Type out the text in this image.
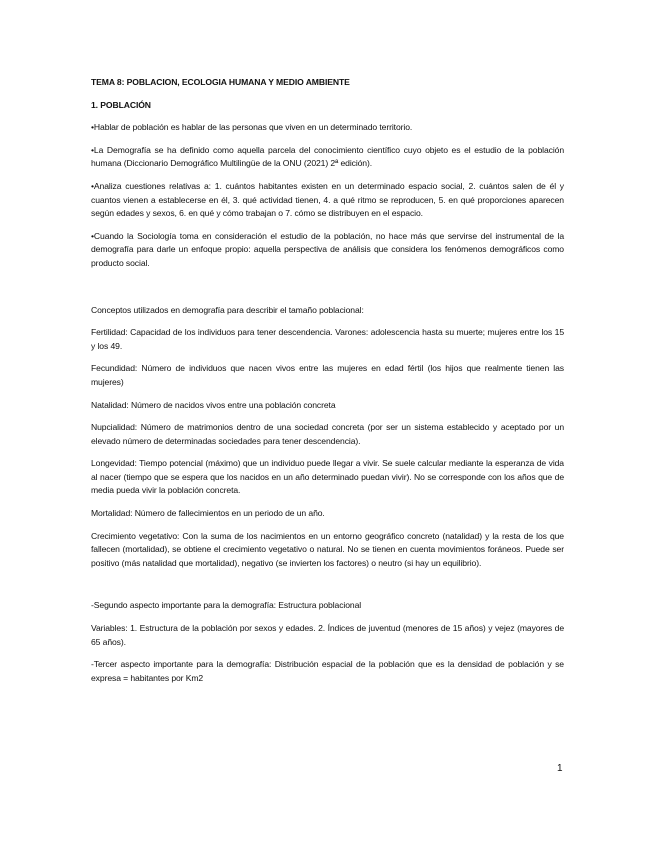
TEMA 8: POBLACION, ECOLOGIA HUMANA Y MEDIO AMBIENTE

1. POBLACIÓN

•Hablar de población es hablar de las personas que viven en un determinado territorio.

•La Demografía se ha definido como aquella parcela del conocimiento científico cuyo objeto es el estudio de la población humana (Diccionario Demográfico Multilingüe de la ONU (2021) 2ª edición).

•Analiza cuestiones relativas a: 1. cuántos habitantes existen en un determinado espacio social, 2. cuántos salen de él y cuantos vienen a establecerse en él, 3. qué actividad tienen, 4. a qué ritmo se reproducen, 5. en qué proporciones aparecen según edades y sexos, 6. en qué y cómo trabajan o 7. cómo se distribuyen en el espacio.

•Cuando la Sociología toma en consideración el estudio de la población, no hace más que servirse del instrumental de la demografía para darle un enfoque propio: aquella perspectiva de análisis que considera los fenómenos demográficos como producto social.

Conceptos utilizados en demografía para describir el tamaño poblacional:

Fertilidad: Capacidad de los individuos para tener descendencia. Varones: adolescencia hasta su muerte; mujeres entre los 15 y los 49.

Fecundidad: Número de individuos que nacen vivos entre las mujeres en edad fértil (los hijos que realmente tienen las mujeres)

Natalidad: Número de nacidos vivos entre una población concreta

Nupcialidad: Número de matrimonios dentro de una sociedad concreta (por ser un sistema establecido y aceptado por un elevado número de determinadas sociedades para tener descendencia).

Longevidad: Tiempo potencial (máximo) que un individuo puede llegar a vivir. Se suele calcular mediante la esperanza de vida al nacer (tiempo que se espera que los nacidos en un año determinado puedan vivir). No se corresponde con los años que de media pueda vivir la población concreta.

Mortalidad: Número de fallecimientos en un periodo de un año.

Crecimiento vegetativo: Con la suma de los nacimientos en un entorno geográfico concreto (natalidad) y la resta de los que fallecen (mortalidad), se obtiene el crecimiento vegetativo o natural. No se tienen en cuenta movimientos foráneos. Puede ser positivo (más natalidad que mortalidad), negativo (se invierten los factores) o neutro (si hay un equilibrio).

-Segundo aspecto importante para la demografía: Estructura poblacional

Variables: 1. Estructura de la población por sexos y edades. 2. Índices de juventud (menores de 15 años) y vejez (mayores de 65 años).

-Tercer aspecto importante para la demografía: Distribución espacial de la población que es la densidad de población y se expresa = habitantes por Km2

1
